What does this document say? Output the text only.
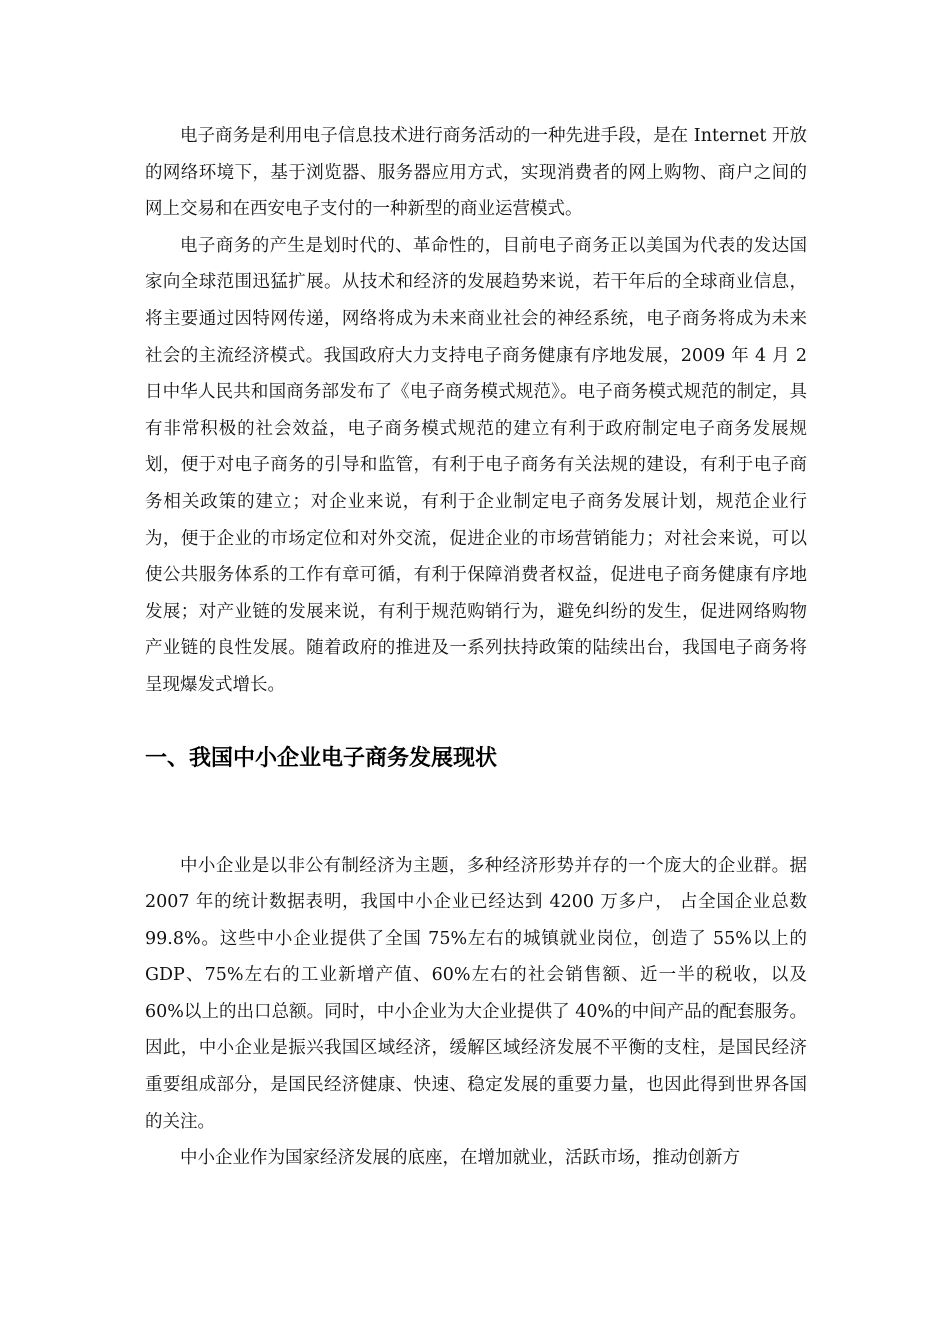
电子商务是利用电子信息技术进行商务活动的一种先进手段，是在 Internet 开放的网络环境下，基于浏览器、服务器应用方式，实现消费者的网上购物、商户之间的网上交易和在西安电子支付的一种新型的商业运营模式。

电子商务的产生是划时代的、革命性的，目前电子商务正以美国为代表的发达国家向全球范围迅猛扩展。从技术和经济的发展趋势来说，若干年后的全球商业信息，将主要通过因特网传递，网络将成为未来商业社会的神经系统，电子商务将成为未来社会的主流经济模式。我国政府大力支持电子商务健康有序地发展，2009 年 4 月 2 日中华人民共和国商务部发布了《电子商务模式规范》。电子商务模式规范的制定，具有非常积极的社会效益，电子商务模式规范的建立有利于政府制定电子商务发展规划，便于对电子商务的引导和监管，有利于电子商务有关法规的建设，有利于电子商务相关政策的建立；对企业来说，有利于企业制定电子商务发展计划，规范企业行为，便于企业的市场定位和对外交流，促进企业的市场营销能力；对社会来说，可以使公共服务体系的工作有章可循，有利于保障消费者权益，促进电子商务健康有序地发展；对产业链的发展来说，有利于规范购销行为，避免纠纷的发生，促进网络购物产业链的良性发展。随着政府的推进及一系列扶持政策的陆续出台，我国电子商务将呈现爆发式增长。

一、我国中小企业电子商务发展现状

中小企业是以非公有制经济为主题，多种经济形势并存的一个庞大的企业群。据 2007 年的统计数据表明，我国中小企业已经达到 4200 万多户， 占全国企业总数 99.8%。这些中小企业提供了全国 75%左右的城镇就业岗位，创造了 55%以上的 GDP、75%左右的工业新增产值、60%左右的社会销售额、近一半的税收，以及 60%以上的出口总额。同时，中小企业为大企业提供了 40%的中间产品的配套服务。因此，中小企业是振兴我国区域经济，缓解区域经济发展不平衡的支柱，是国民经济重要组成部分，是国民经济健康、快速、稳定发展的重要力量，也因此得到世界各国的关注。

中小企业作为国家经济发展的底座，在增加就业，活跃市场，推动创新方
